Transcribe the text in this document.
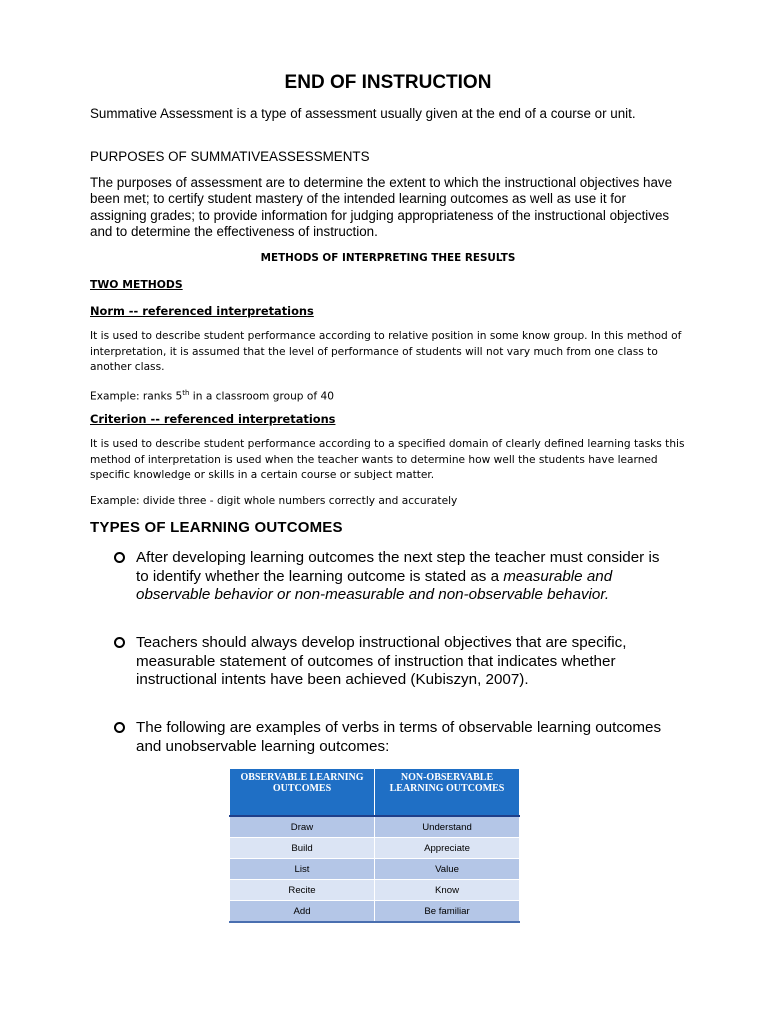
END OF INSTRUCTION

Summative Assessment is a type of assessment usually given at the end of a course or unit.

PURPOSES OF SUMMATIVEASSESSMENTS

The purposes of assessment are to determine the extent to which the instructional objectives have been met; to certify student mastery of the intended learning outcomes as well as use it for assigning grades; to provide information for judging appropriateness of the instructional objectives and to determine the effectiveness of instruction.

METHODS OF INTERPRETING THEE RESULTS

TWO METHODS

Norm -- referenced interpretations

It is used to describe student performance according to relative position in some know group. In this method of interpretation, it is assumed that the level of performance of students will not vary much from one class to another class.

Example: ranks 5th in a classroom group of 40

Criterion -- referenced interpretations

It is used to describe student performance according to a specified domain of clearly defined learning tasks this method of interpretation is used when the teacher wants to determine how well the students have learned specific knowledge or skills in a certain course or subject matter.

Example: divide three - digit whole numbers correctly and accurately

TYPES OF LEARNING OUTCOMES

After developing learning outcomes the next step the teacher must consider is to identify whether the learning outcome is stated as a measurable and observable behavior or non-measurable and non-observable behavior.
Teachers should always develop instructional objectives that are specific, measurable statement of outcomes of instruction that indicates whether instructional intents have been achieved (Kubiszyn, 2007).
The following are examples of verbs in terms of observable learning outcomes and unobservable learning outcomes:
OBSERVABLE LEARNING OUTCOMES	NON-OBSERVABLE LEARNING OUTCOMES
Draw	Understand
Build	Appreciate
List	Value
Recite	Know
Add	Be familiar
